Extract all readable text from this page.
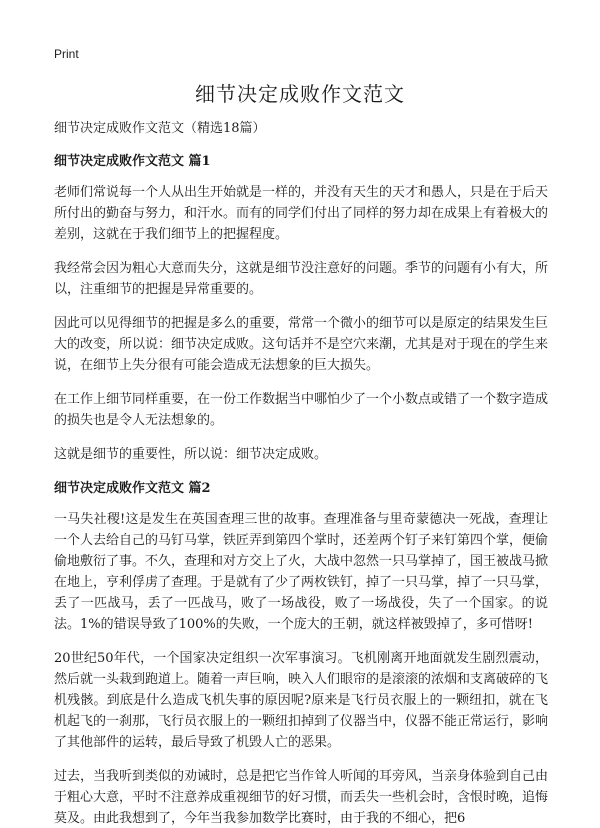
Print
细节决定成败作文范文

细节决定成败作文范文（精选18篇）

细节决定成败作文范文 篇1

老师们常说每一个人从出生开始就是一样的，并没有天生的天才和愚人，只是在于后天所付出的勤奋与努力，和汗水。而有的同学们付出了同样的努力却在成果上有着极大的差别，这就在于我们细节上的把握程度。

我经常会因为粗心大意而失分，这就是细节没注意好的问题。季节的问题有小有大，所以，注重细节的把握是异常重要的。

因此可以见得细节的把握是多么的重要，常常一个微小的细节可以是原定的结果发生巨大的改变，所以说：细节决定成败。这句话并不是空穴来潮，尤其是对于现在的学生来说，在细节上失分很有可能会造成无法想象的巨大损失。

在工作上细节同样重要，在一份工作数据当中哪怕少了一个小数点或错了一个数字造成的损失也是令人无法想象的。

这就是细节的重要性，所以说：细节决定成败。

细节决定成败作文范文 篇2

一马失社稷!这是发生在英国查理三世的故事。查理准备与里奇蒙德决一死战，查理让一个人去给自己的马钉马掌，铁匠弄到第四个掌时，还差两个钉子来钉第四个掌，便偷偷地敷衍了事。不久，查理和对方交上了火，大战中忽然一只马掌掉了，国王被战马掀在地上，亨利俘虏了查理。于是就有了少了两枚铁钉，掉了一只马掌，掉了一只马掌，丢了一匹战马，丢了一匹战马，败了一场战役，败了一场战役，失了一个国家。的说法。1%的错误导致了100%的失败，一个庞大的王朝，就这样被毁掉了，多可惜呀!

20世纪50年代，一个国家决定组织一次军事演习。飞机刚离开地面就发生剧烈震动，然后就一头栽到跑道上。随着一声巨响，映入人们眼帘的是滚滚的浓烟和支离破碎的飞机残骸。到底是什么造成飞机失事的原因呢?原来是飞行员衣服上的一颗纽扣，就在飞机起飞的一刹那，飞行员衣服上的一颗纽扣掉到了仪器当中，仪器不能正常运行，影响了其他部件的运转，最后导致了机毁人亡的恶果。

过去，当我听到类似的劝诫时，总是把它当作耸人听闻的耳旁风，当亲身体验到自己由于粗心大意，平时不注意养成重视细节的好习惯，而丢失一些机会时，含恨时晚，追悔莫及。由此我想到了，今年当我参加数学比赛时，由于我的不细心，把6
